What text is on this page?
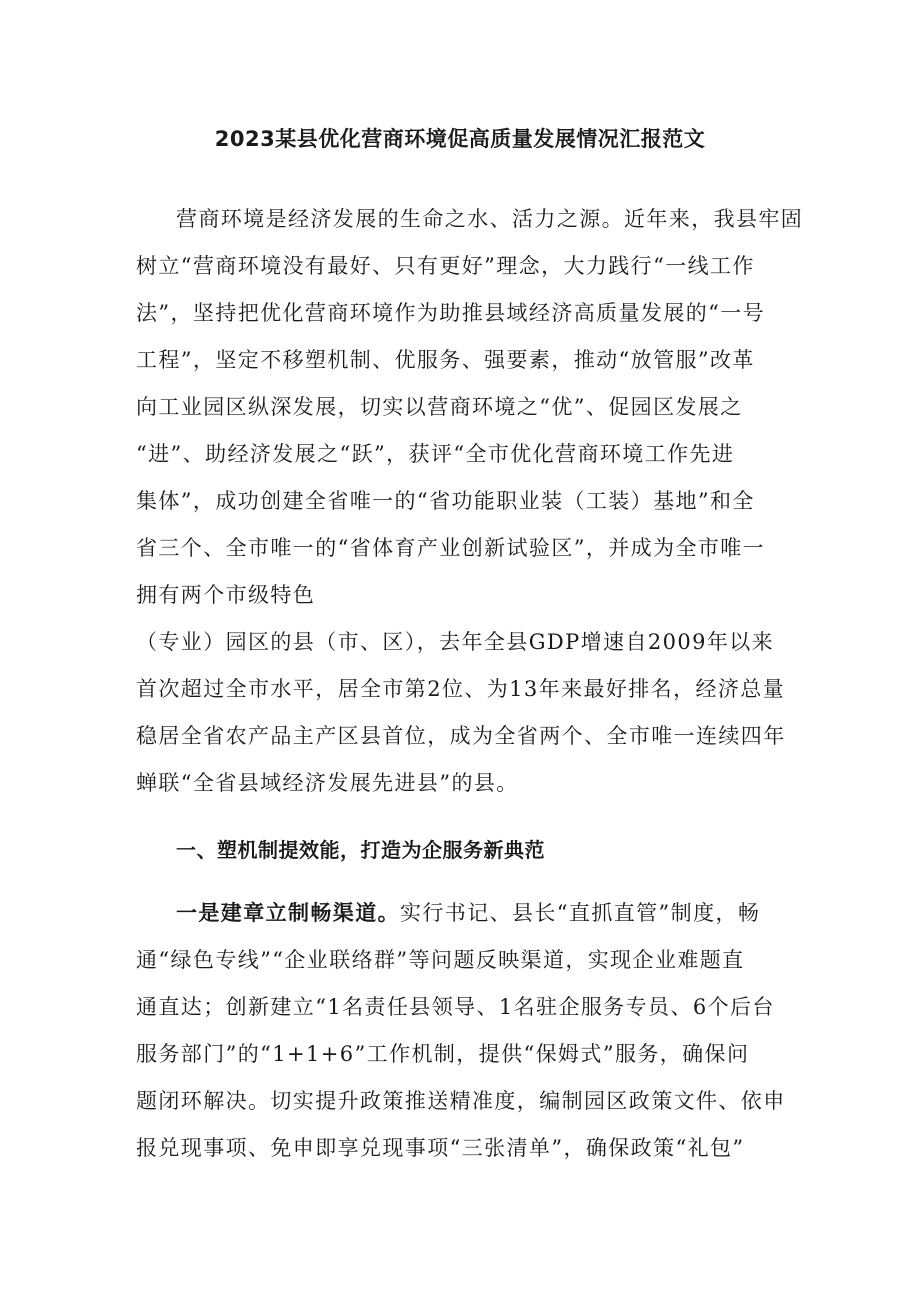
2023某县优化营商环境促高质量发展情况汇报范文

营商环境是经济发展的生命之水、活力之源。近年来，我县牢固
树立“营商环境没有最好、只有更好”理念，大力践行“一线工作
法”，坚持把优化营商环境作为助推县域经济高质量发展的“一号
工程”，坚定不移塑机制、优服务、强要素，推动“放管服”改革
向工业园区纵深发展，切实以营商环境之“优”、促园区发展之
“进”、助经济发展之“跃”，获评“全市优化营商环境工作先进
集体”，成功创建全省唯一的“省功能职业装（工装）基地”和全
省三个、全市唯一的“省体育产业创新试验区”，并成为全市唯一
拥有两个市级特色
（专业）园区的县（市、区），去年全县GDP增速自2009年以来
首次超过全市水平，居全市第2位、为13年来最好排名，经济总量
稳居全省农产品主产区县首位，成为全省两个、全市唯一连续四年
蝉联“全省县域经济发展先进县”的县。

一、塑机制提效能，打造为企服务新典范

一是建章立制畅渠道。实行书记、县长“直抓直管”制度，畅
通“绿色专线”“企业联络群”等问题反映渠道，实现企业难题直
通直达；创新建立“1名责任县领导、1名驻企服务专员、6个后台
服务部门”的“1+1+6”工作机制，提供“保姆式”服务，确保问
题闭环解决。切实提升政策推送精准度，编制园区政策文件、依申
报兑现事项、免申即享兑现事项“三张清单”，确保政策“礼包”
